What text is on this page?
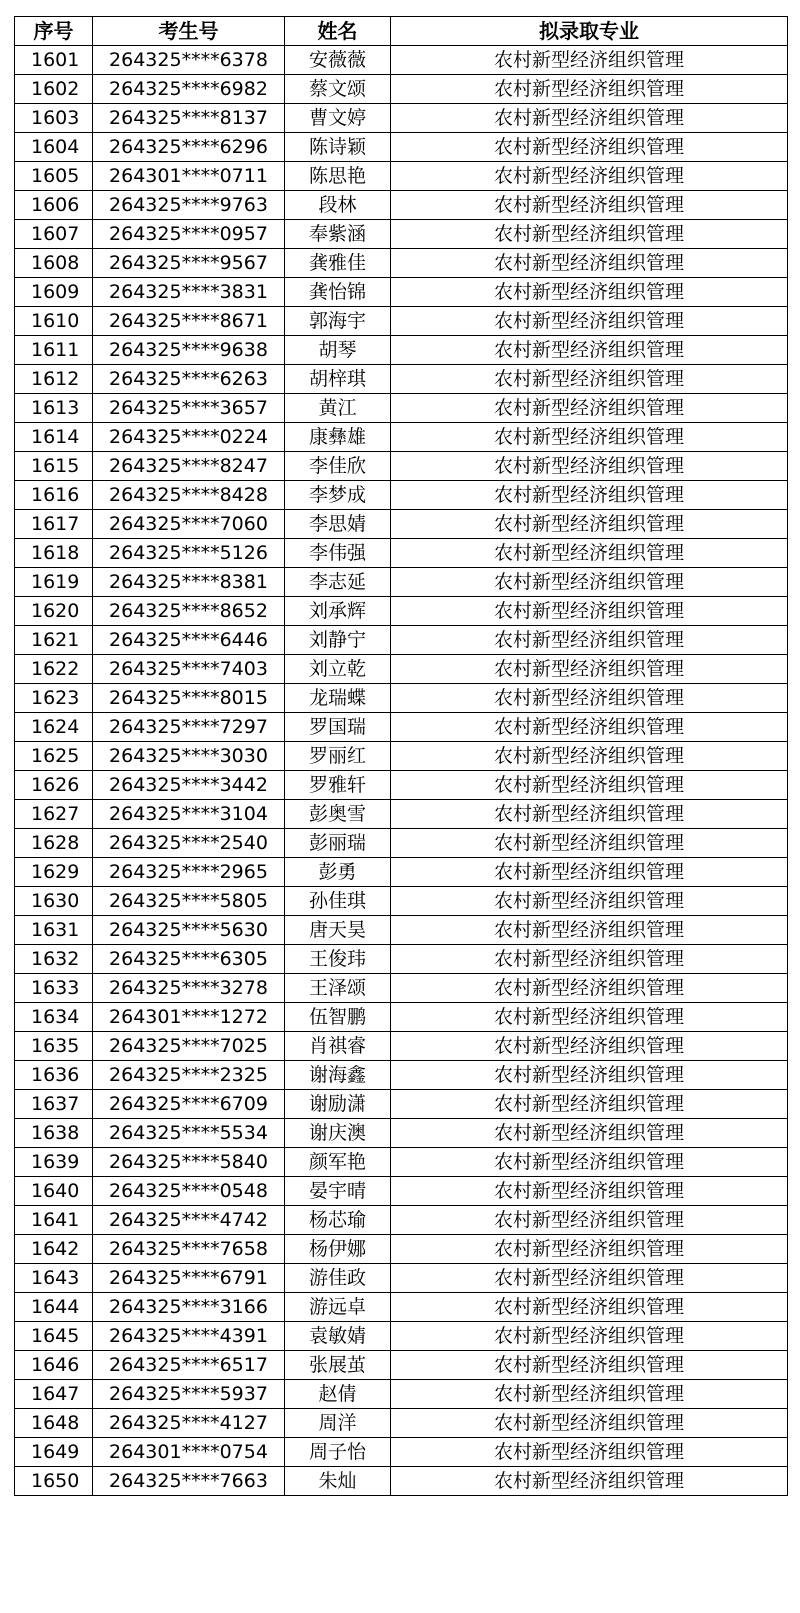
序号	考生号	姓名	拟录取专业
1601	264325****6378	安薇薇	农村新型经济组织管理
1602	264325****6982	蔡文颂	农村新型经济组织管理
1603	264325****8137	曹文婷	农村新型经济组织管理
1604	264325****6296	陈诗颖	农村新型经济组织管理
1605	264301****0711	陈思艳	农村新型经济组织管理
1606	264325****9763	段林	农村新型经济组织管理
1607	264325****0957	奉紫涵	农村新型经济组织管理
1608	264325****9567	龚雅佳	农村新型经济组织管理
1609	264325****3831	龚怡锦	农村新型经济组织管理
1610	264325****8671	郭海宇	农村新型经济组织管理
1611	264325****9638	胡琴	农村新型经济组织管理
1612	264325****6263	胡梓琪	农村新型经济组织管理
1613	264325****3657	黄江	农村新型经济组织管理
1614	264325****0224	康彝雄	农村新型经济组织管理
1615	264325****8247	李佳欣	农村新型经济组织管理
1616	264325****8428	李梦成	农村新型经济组织管理
1617	264325****7060	李思婧	农村新型经济组织管理
1618	264325****5126	李伟强	农村新型经济组织管理
1619	264325****8381	李志延	农村新型经济组织管理
1620	264325****8652	刘承辉	农村新型经济组织管理
1621	264325****6446	刘静宁	农村新型经济组织管理
1622	264325****7403	刘立乾	农村新型经济组织管理
1623	264325****8015	龙瑞蝶	农村新型经济组织管理
1624	264325****7297	罗国瑞	农村新型经济组织管理
1625	264325****3030	罗丽红	农村新型经济组织管理
1626	264325****3442	罗雅轩	农村新型经济组织管理
1627	264325****3104	彭奥雪	农村新型经济组织管理
1628	264325****2540	彭丽瑞	农村新型经济组织管理
1629	264325****2965	彭勇	农村新型经济组织管理
1630	264325****5805	孙佳琪	农村新型经济组织管理
1631	264325****5630	唐天昊	农村新型经济组织管理
1632	264325****6305	王俊玮	农村新型经济组织管理
1633	264325****3278	王泽颂	农村新型经济组织管理
1634	264301****1272	伍智鹏	农村新型经济组织管理
1635	264325****7025	肖祺睿	农村新型经济组织管理
1636	264325****2325	谢海鑫	农村新型经济组织管理
1637	264325****6709	谢励潇	农村新型经济组织管理
1638	264325****5534	谢庆澳	农村新型经济组织管理
1639	264325****5840	颜军艳	农村新型经济组织管理
1640	264325****0548	晏宇晴	农村新型经济组织管理
1641	264325****4742	杨芯瑜	农村新型经济组织管理
1642	264325****7658	杨伊娜	农村新型经济组织管理
1643	264325****6791	游佳政	农村新型经济组织管理
1644	264325****3166	游远卓	农村新型经济组织管理
1645	264325****4391	袁敏婧	农村新型经济组织管理
1646	264325****6517	张展茧	农村新型经济组织管理
1647	264325****5937	赵倩	农村新型经济组织管理
1648	264325****4127	周洋	农村新型经济组织管理
1649	264301****0754	周子怡	农村新型经济组织管理
1650	264325****7663	朱灿	农村新型经济组织管理
